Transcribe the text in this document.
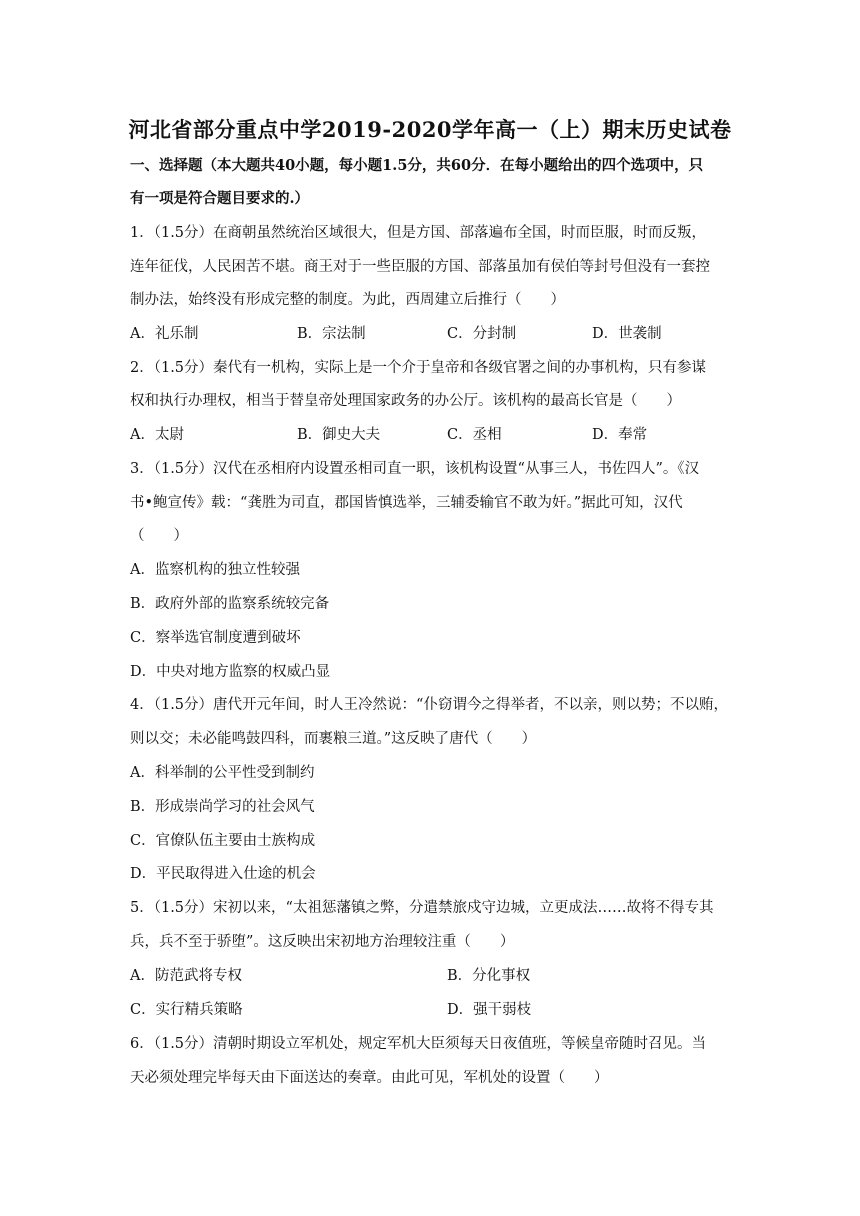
河北省部分重点中学2019-2020学年高一（上）期末历史试卷
一、选择题（本大题共40小题，每小题1.5分，共60分．在每小题给出的四个选项中，只
有一项是符合题目要求的.）
1．（1.5分）在商朝虽然统治区域很大，但是方国、部落遍布全国，时而臣服，时而反叛，
连年征伐，人民困苦不堪。商王对于一些臣服的方国、部落虽加有侯伯等封号但没有一套控
制办法，始终没有形成完整的制度。为此，西周建立后推行（　　）
A．礼乐制	B．宗法制	C．分封制	D．世袭制
2．（1.5分）秦代有一机构，实际上是一个介于皇帝和各级官署之间的办事机构，只有参谋
权和执行办理权，相当于替皇帝处理国家政务的办公厅。该机构的最高长官是（　　）
A．太尉	B．御史大夫	C．丞相	D．奉常
3．（1.5分）汉代在丞相府内设置丞相司直一职，该机构设置“从事三人，书佐四人”。《汉
书•鲍宣传》载：“龚胜为司直，郡国皆慎选举，三辅委输官不敢为奸。”据此可知，汉代
（　　）
A．监察机构的独立性较强
B．政府外部的监察系统较完备
C．察举选官制度遭到破坏
D．中央对地方监察的权威凸显
4．（1.5分）唐代开元年间，时人王冷然说：“仆窃谓今之得举者，不以亲，则以势；不以贿，
则以交；未必能鸣鼓四科，而裹粮三道。”这反映了唐代（　　）
A．科举制的公平性受到制约
B．形成崇尚学习的社会风气
C．官僚队伍主要由士族构成
D．平民取得进入仕途的机会
5．（1.5分）宋初以来，“太祖惩藩镇之弊，分遣禁旅戍守边城，立更成法……故将不得专其
兵，兵不至于骄堕”。这反映出宋初地方治理较注重（　　）
A．防范武将专权	B．分化事权
C．实行精兵策略	D．强干弱枝
6．（1.5分）清朝时期设立军机处，规定军机大臣须每天日夜值班，等候皇帝随时召见。当
天必须处理完毕每天由下面送达的奏章。由此可见，军机处的设置（　　）
